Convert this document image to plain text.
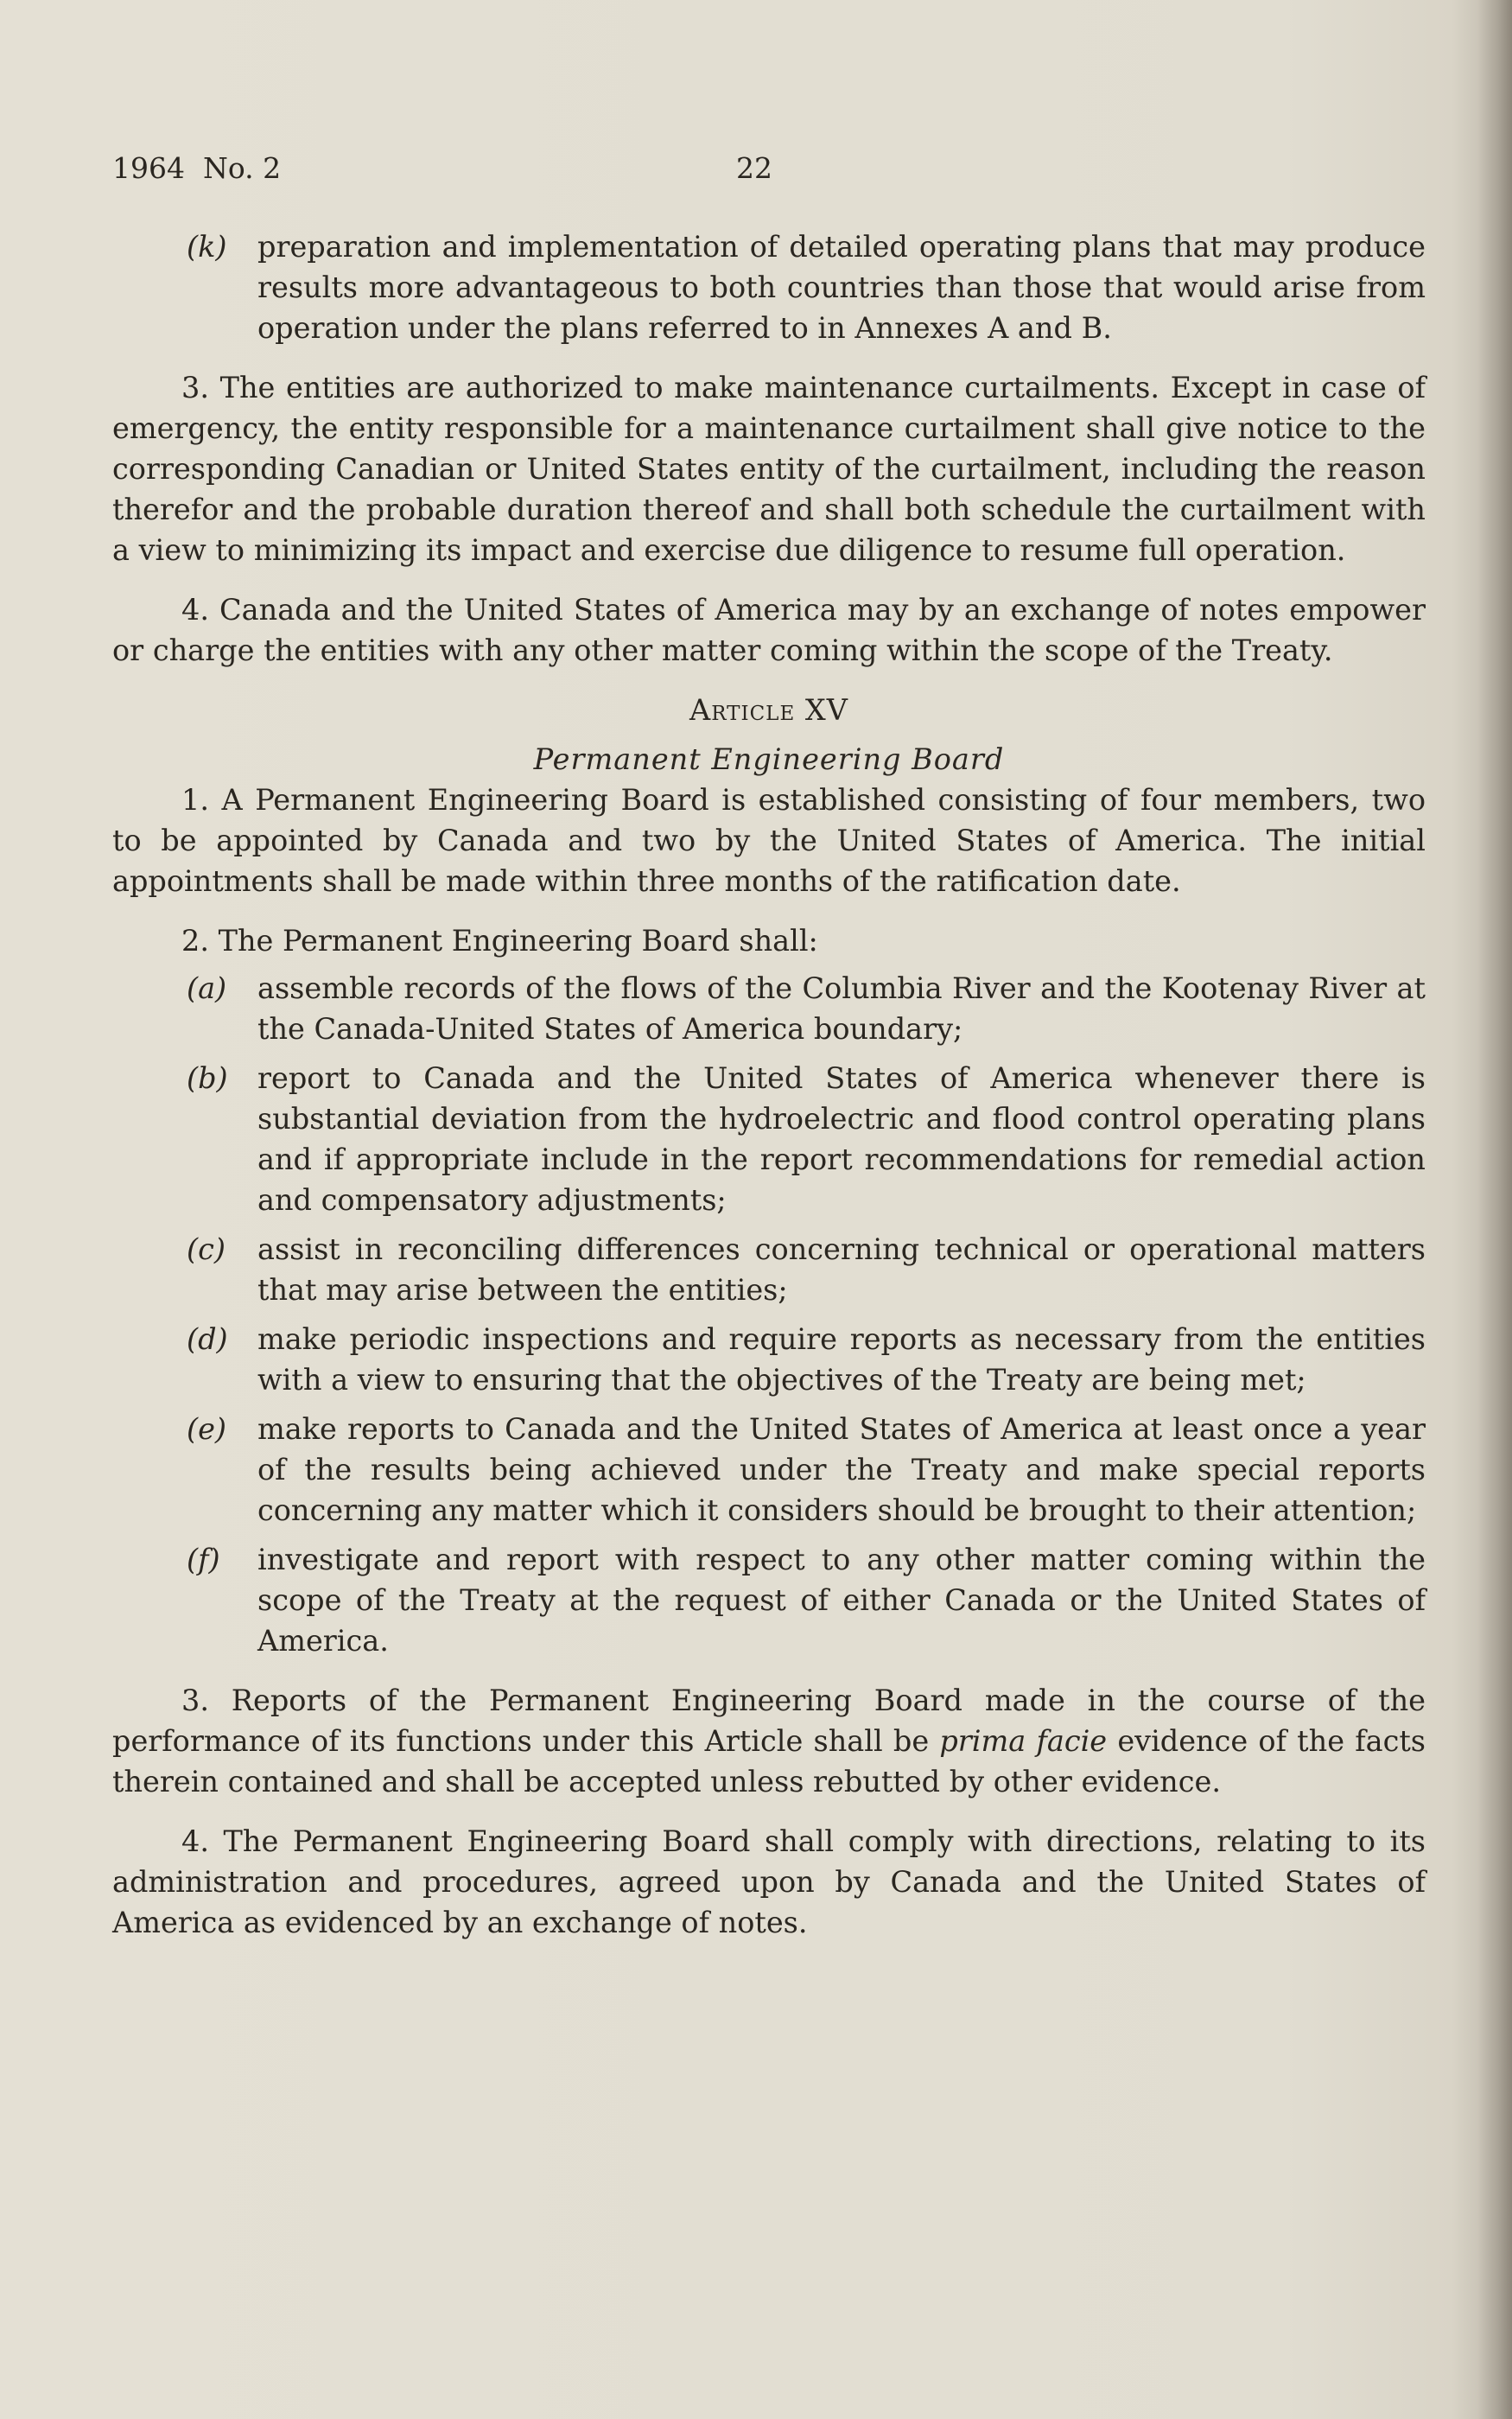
1964  No. 2	22
(k)	preparation and implementation of detailed operating plans that may produce results more advantageous to both countries than those that would arise from operation under the plans referred to in Annexes A and B.

3. The entities are authorized to make maintenance curtailments. Except in case of emergency, the entity responsible for a maintenance curtailment shall give notice to the corresponding Canadian or United States entity of the curtailment, including the reason therefor and the probable duration thereof and shall both schedule the curtailment with a view to minimizing its impact and exercise due diligence to resume full operation.

4. Canada and the United States of America may by an exchange of notes empower or charge the entities with any other matter coming within the scope of the Treaty.

Article XV

Permanent Engineering Board

1. A Permanent Engineering Board is established consisting of four members, two to be appointed by Canada and two by the United States of America. The initial appointments shall be made within three months of the ratification date.

2. The Permanent Engineering Board shall:

(a)	assemble records of the flows of the Columbia River and the Kootenay River at the Canada-United States of America boundary;
(b)	report to Canada and the United States of America whenever there is substantial deviation from the hydroelectric and flood control operating plans and if appropriate include in the report recommendations for remedial action and compensatory adjustments;
(c)	assist in reconciling differences concerning technical or operational matters that may arise between the entities;
(d)	make periodic inspections and require reports as necessary from the entities with a view to ensuring that the objectives of the Treaty are being met;
(e)	make reports to Canada and the United States of America at least once a year of the results being achieved under the Treaty and make special reports concerning any matter which it considers should be brought to their attention;
(f)	investigate and report with respect to any other matter coming within the scope of the Treaty at the request of either Canada or the United States of America.

3. Reports of the Permanent Engineering Board made in the course of the performance of its functions under this Article shall be prima facie evidence of the facts therein contained and shall be accepted unless rebutted by other evidence.

4. The Permanent Engineering Board shall comply with directions, relating to its administration and procedures, agreed upon by Canada and the United States of America as evidenced by an exchange of notes.
